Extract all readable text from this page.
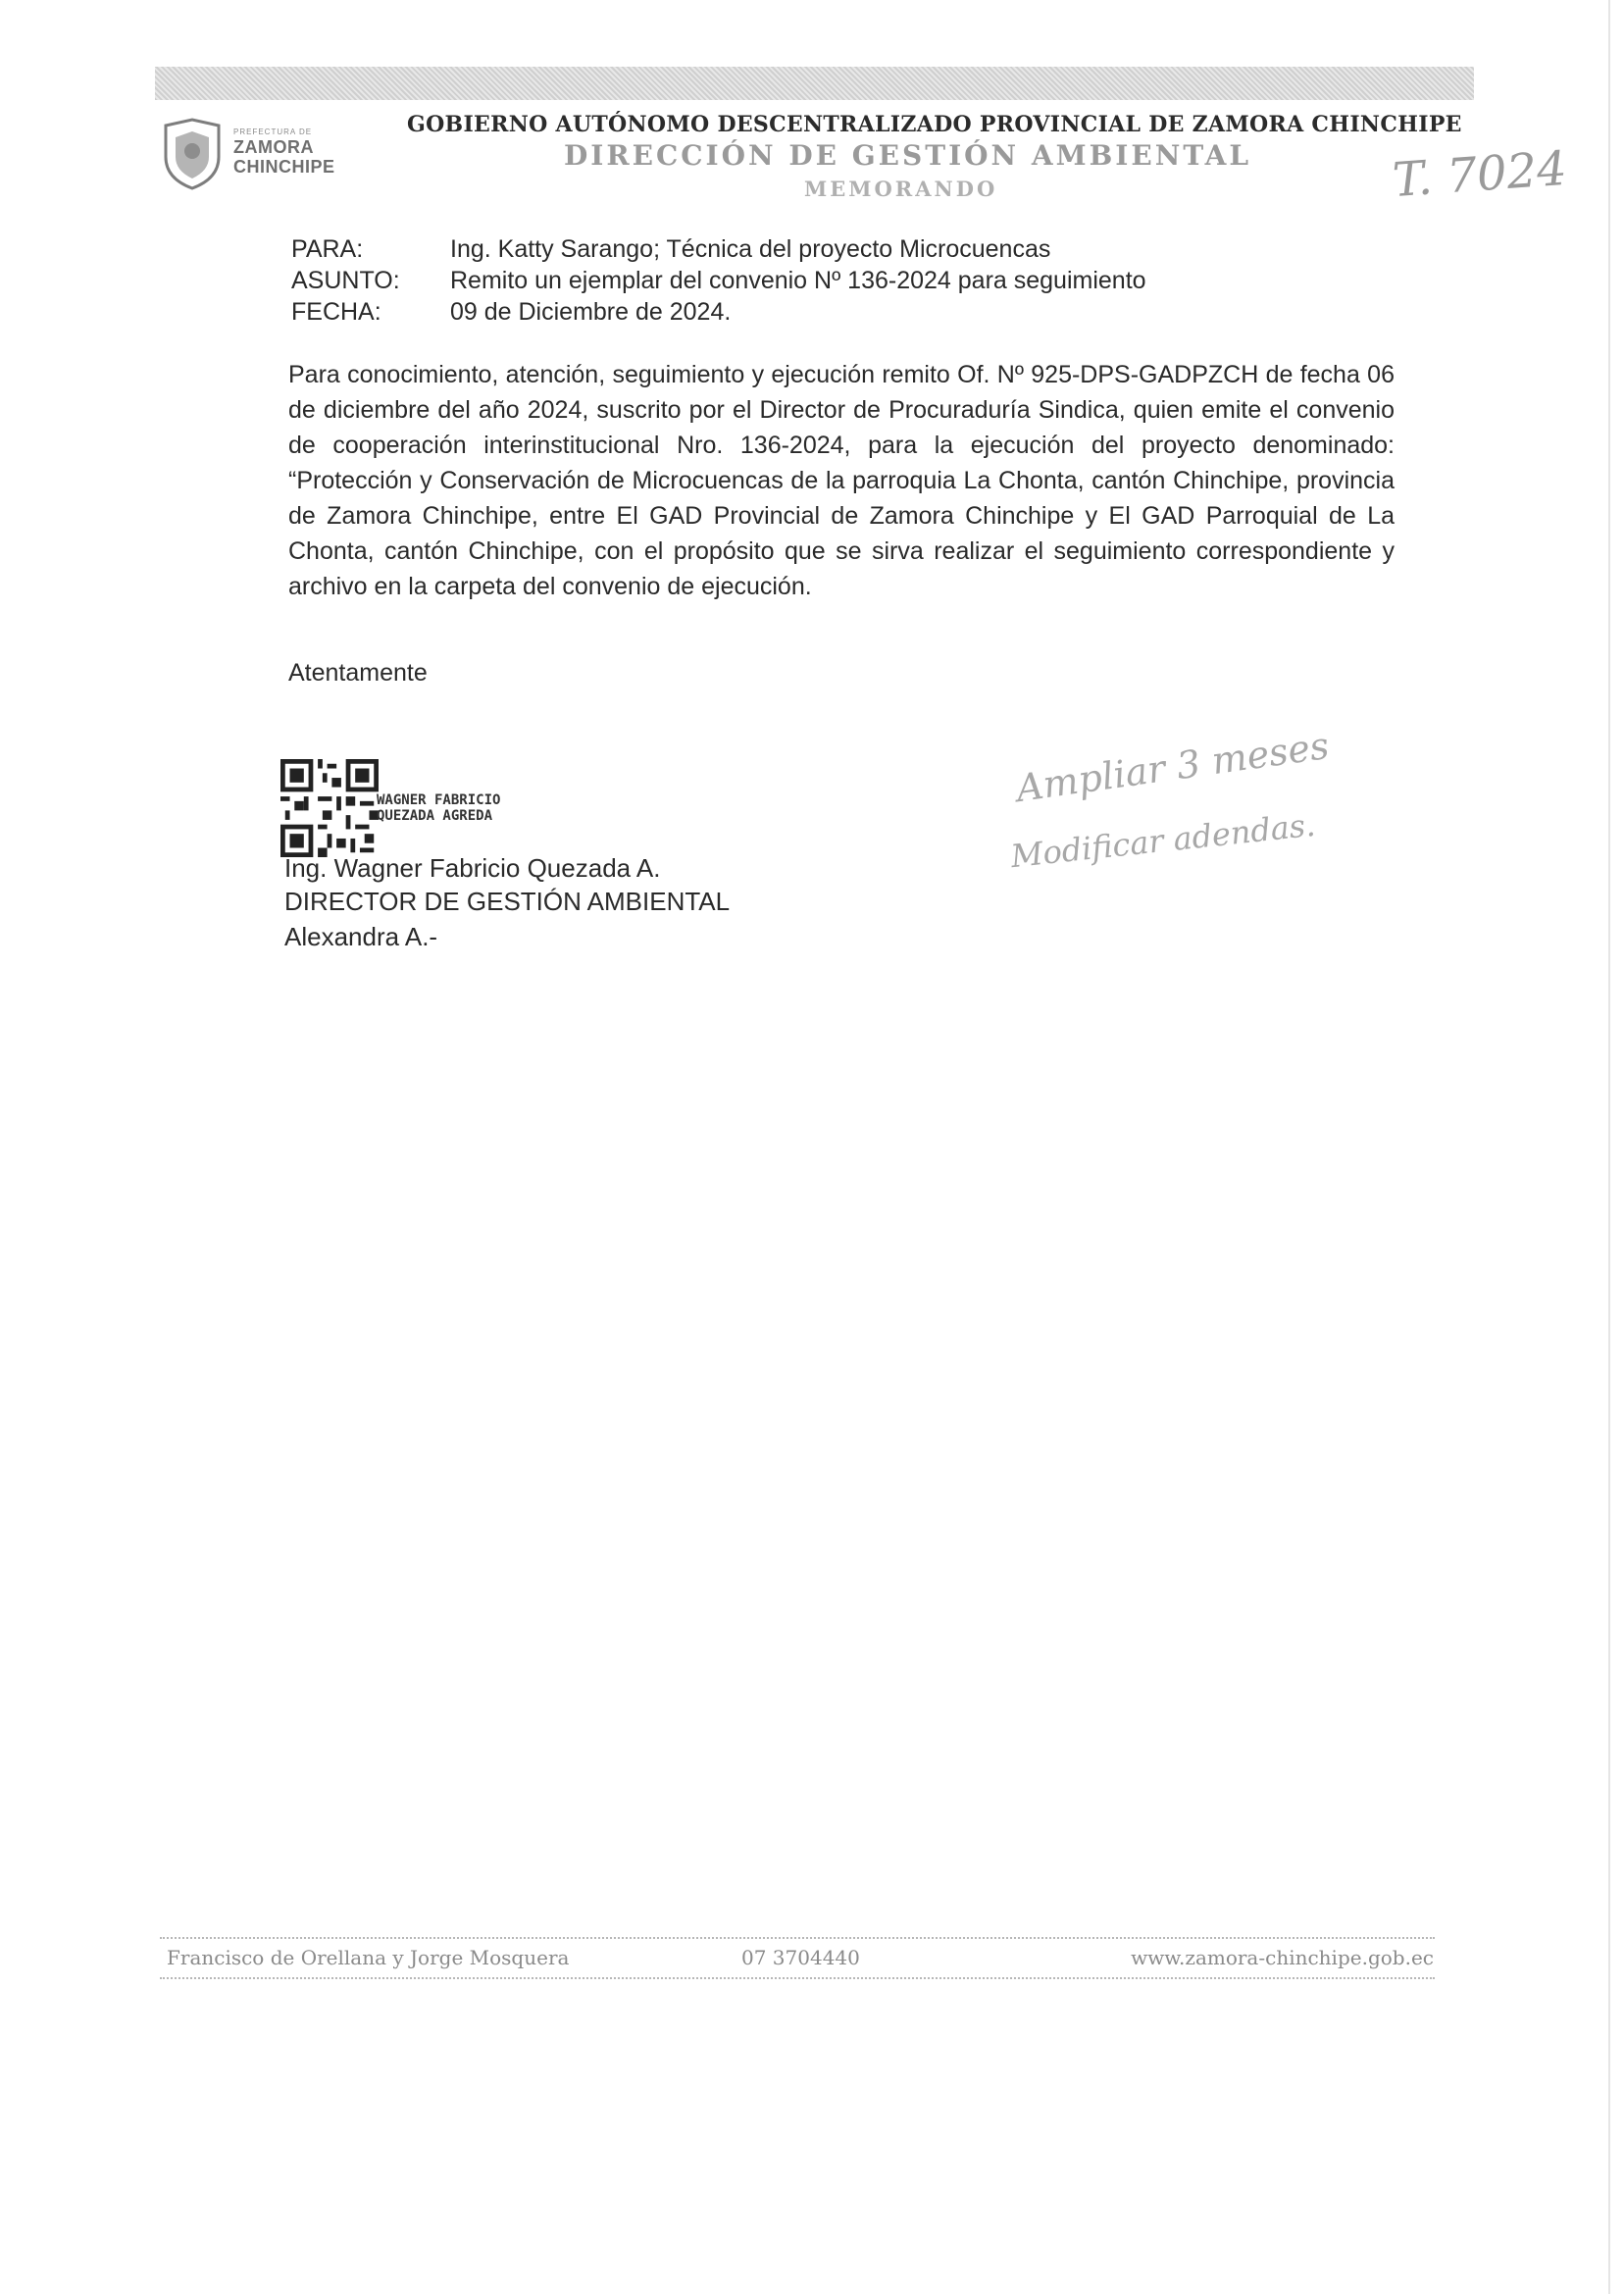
PREFECTURA DE
ZAMORA
CHINCHIPE
GOBIERNO AUTÓNOMO DESCENTRALIZADO PROVINCIAL DE ZAMORA CHINCHIPE
DIRECCIÓN DE GESTIÓN AMBIENTAL
MEMORANDO	T. 7024
PARA:	Ing. Katty Sarango; Técnica del proyecto Microcuencas
ASUNTO:	Remito un ejemplar del convenio Nº 136-2024 para seguimiento
FECHA:	09 de Diciembre de 2024.

Para conocimiento, atención, seguimiento y ejecución remito Of. Nº 925-DPS-GADPZCH de fecha 06 de diciembre del año 2024, suscrito por el Director de Procuraduría Sindica, quien emite el convenio de cooperación interinstitucional Nro. 136-2024, para la ejecución del proyecto denominado: “Protección y Conservación de Microcuencas de la parroquia La Chonta, cantón Chinchipe, provincia de Zamora Chinchipe, entre El GAD Provincial de Zamora Chinchipe y El GAD Parroquial de La Chonta, cantón Chinchipe, con el propósito que se sirva realizar el seguimiento correspondiente y archivo en la carpeta del convenio de ejecución.

Atentamente
WAGNER FABRICIO
QUEZADA AGREDA
Ing. Wagner Fabricio Quezada A.
DIRECTOR DE GESTIÓN AMBIENTAL
Alexandra A.-
Ampliar 3 meses
Modificar adendas.
Francisco de Orellana y Jorge Mosquera	07 3704440	www.zamora-chinchipe.gob.ec
